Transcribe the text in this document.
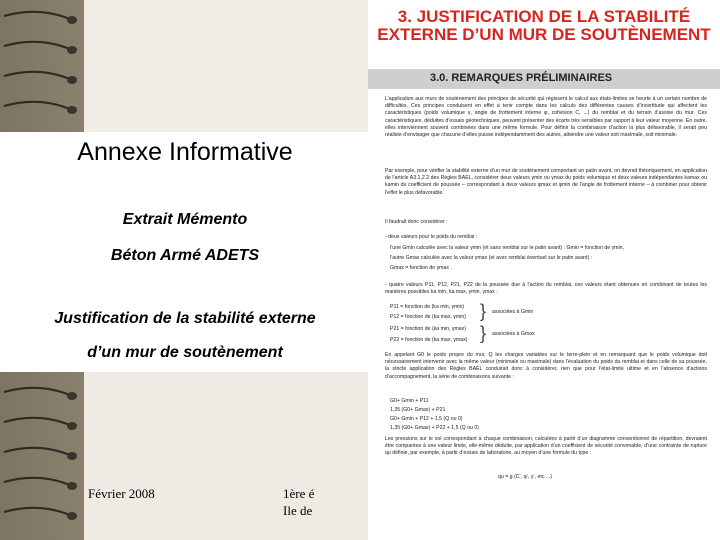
Annexe Informative
Extrait Mémento
Béton Armé ADETS
Justification de la stabilité externe
d’un mur de soutènement
Février 2008	1ère é
Ile de
3. JUSTIFICATION DE LA STABILITÉ
EXTERNE D’UN MUR DE SOUTÈNEMENT
3.0. REMARQUES PRÉLIMINAIRES
L’application aux murs de soutènement des principes de sécurité qui régissent le calcul aux états-limites se heurte à un certain nombre de difficultés. Ces principes conduisent en effet à tenir compte dans les calculs des différentes causes d’incertitude qui affectent les caractéristiques (poids volumique γ, angle de frottement interne φ, cohésion C, ...) du remblai et du terrain d’assise du mur. Ces caractéristiques, déduites d’essais géotechniques, peuvent présenter des écarts très sensibles par rapport à leur valeur moyenne. En outre, elles interviennent souvent combinées dans une même formule. Pour définir la combinaison d’action la plus défavorable, il serait peu réaliste d’envisager que chacune d’elles puisse indépendamment des autres, atteindre une valeur soit maximale, soit minimale.
Par exemple, pour vérifier la stabilité externe d’un mur de soutènement comportant un patin avant, on devrait théoriquement, en application de l’article A3.1,2.2 des Règles BAEL, considérer deux valeurs γmin ou γmax du poids volumique et deux valeurs indépendantes kamax ou kamin du coefficient de poussée – correspondant à deux valeurs φmax et φmin de l’angle de frottement interne – à combiner pour obtenir l’effet le plus défavorable.
Il faudrait donc considérer :
- deux valeurs pour le poids du remblai :
l’une Gmin calculée avec la valeur γmin (et sans remblai sur le patin avant) : Gmin = fonction de γmin,
l’autre Gmax calculée avec la valeur γmax (et avec remblai éventuel sur le patin avant) :
Gmax = fonction de γmax .
- quatre valeurs P11, P12, P21, P22 de la poussée due à l’action du remblai, ces valeurs étant obtenues en combinant de toutes les manières possibles ka min, ka max, γmin, γmax :
P11 = fonction de (ka min, γmin)
P12 = fonction de (ka max, γmin)
P21 = fonction de (ka min, γmax)
P22 = fonction de (ka max, γmax)
}
}
associées à Gmin
associées à Gmax
En appelant G0 le poids propre du mur, Q les charges variables sur le terre-plein et en remarquant que le poids volumique doit nécessairement intervenir avec la même valeur (minimale ou maximale) dans l’évaluation du poids du remblai et dans celle de sa poussée, la stricte application des Règles BAEL conduirait donc à considérer, rien que pour l’état-limite ultime et en l’absence d’actions d’accompagnement, la série de combinaisons suivante :
G0+ Gmin + P11
1,35 (G0+ Gmax) + P21
G0+ Gmin + P12 + 1,5 (Q ou 0)
1,35 (G0+ Gmax) + P22 + 1,5 (Q ou 0)
Les pressions sur le sol correspondant à chaque combinaison, calculées à partir d’un diagramme conventionnel de répartition, devraient être comparées à une valeur limite, elle-même déduite, par application d’un coefficient de sécurité convenable, d’une contrainte de rupture qu définie, par exemple, à partir d’essais de laboratoire, au moyen d’une formule du type :
qu = g (C’, φ’, γ’, etc ...)
